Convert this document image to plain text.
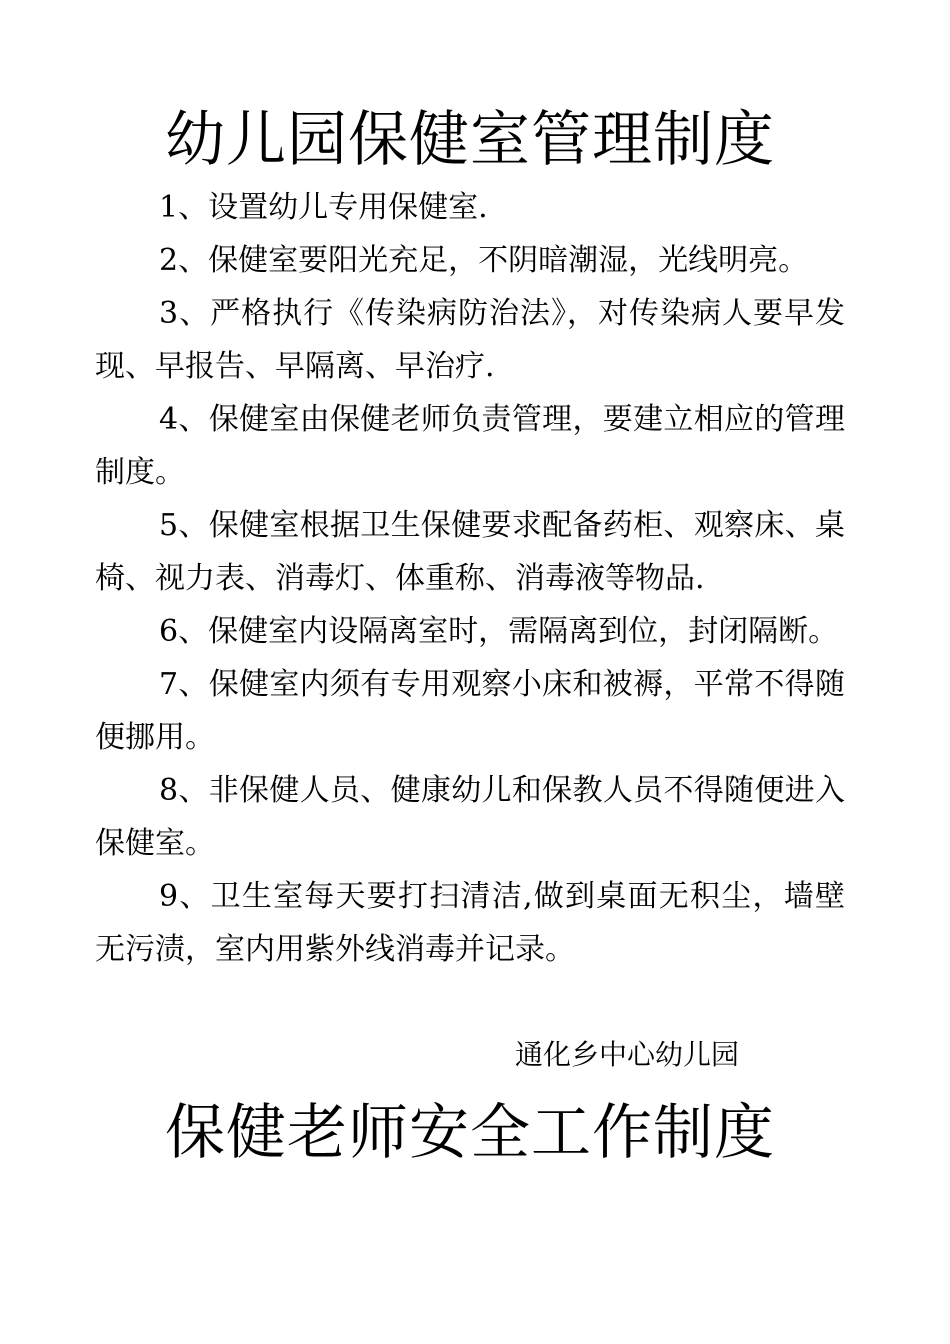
幼儿园保健室管理制度

1、设置幼儿专用保健室.

2、保健室要阳光充足，不阴暗潮湿，光线明亮。

3、严格执行《传染病防治法》，对传染病人要早发现、早报告、早隔离、早治疗.

4、保健室由保健老师负责管理，要建立相应的管理制度。

5、保健室根据卫生保健要求配备药柜、观察床、桌椅、视力表、消毒灯、体重称、消毒液等物品.

6、保健室内设隔离室时，需隔离到位，封闭隔断。

7、保健室内须有专用观察小床和被褥，平常不得随便挪用。

8、非保健人员、健康幼儿和保教人员不得随便进入保健室。

9、卫生室每天要打扫清洁,做到桌面无积尘，墙壁无污渍，室内用紫外线消毒并记录。

通化乡中心幼儿园
保健老师安全工作制度
